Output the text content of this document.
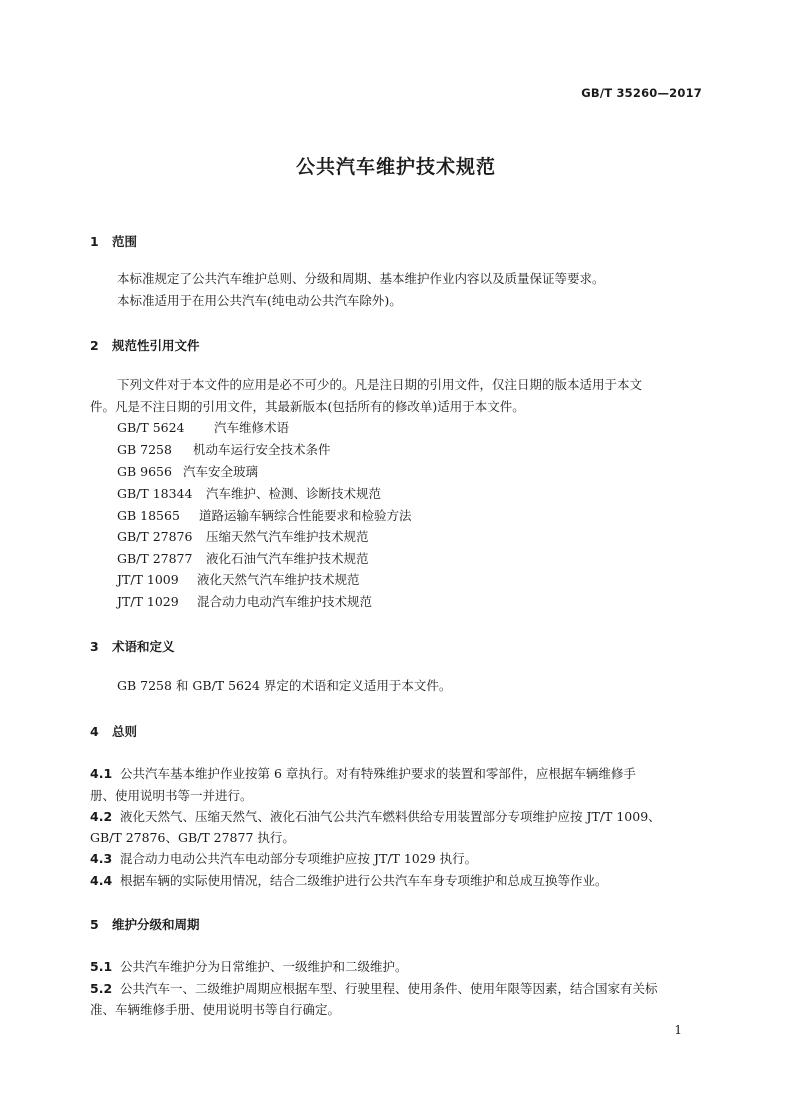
GB/T 35260—2017
公共汽车维护技术规范
1 范围
本标准规定了公共汽车维护总则、分级和周期、基本维护作业内容以及质量保证等要求。
本标准适用于在用公共汽车(纯电动公共汽车除外)。
2 规范性引用文件
下列文件对于本文件的应用是必不可少的。凡是注日期的引用文件，仅注日期的版本适用于本文
件。凡是不注日期的引用文件，其最新版本(包括所有的修改单)适用于本文件。
GB/T 5624 汽车维修术语
GB 7258 机动车运行安全技术条件
GB 9656 汽车安全玻璃
GB/T 18344 汽车维护、检测、诊断技术规范
GB 18565 道路运输车辆综合性能要求和检验方法
GB/T 27876 压缩天然气汽车维护技术规范
GB/T 27877 液化石油气汽车维护技术规范
JT/T 1009 液化天然气汽车维护技术规范
JT/T 1029 混合动力电动汽车维护技术规范
3 术语和定义
GB 7258 和 GB/T 5624 界定的术语和定义适用于本文件。
4 总则
4.1 公共汽车基本维护作业按第 6 章执行。对有特殊维护要求的装置和零部件，应根据车辆维修手
册、使用说明书等一并进行。
4.2 液化天然气、压缩天然气、液化石油气公共汽车燃料供给专用装置部分专项维护应按 JT/T 1009、
GB/T 27876、GB/T 27877 执行。
4.3 混合动力电动公共汽车电动部分专项维护应按 JT/T 1029 执行。
4.4 根据车辆的实际使用情况，结合二级维护进行公共汽车车身专项维护和总成互换等作业。
5 维护分级和周期
5.1 公共汽车维护分为日常维护、一级维护和二级维护。
5.2 公共汽车一、二级维护周期应根据车型、行驶里程、使用条件、使用年限等因素，结合国家有关标
准、车辆维修手册、使用说明书等自行确定。
1
